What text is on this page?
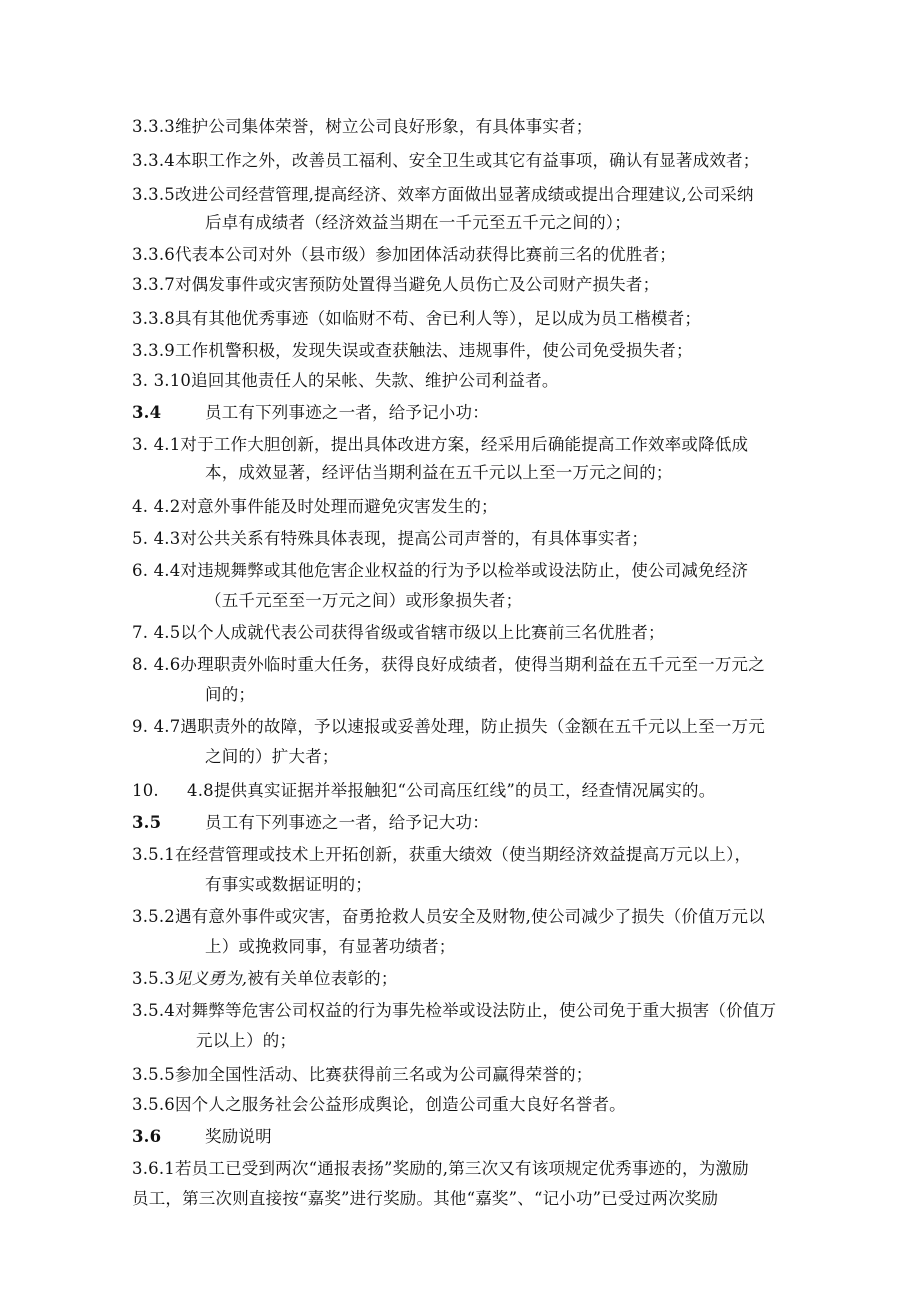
3.3.3维护公司集体荣誉，树立公司良好形象，有具体事实者；
3.3.4本职工作之外，改善员工福利、安全卫生或其它有益事项，确认有显著成效者；
3.3.5改进公司经营管理,提高经济、效率方面做出显著成绩或提出合理建议,公司采纳
后卓有成绩者（经济效益当期在一千元至五千元之间的）；
3.3.6代表本公司对外（县市级）参加团体活动获得比赛前三名的优胜者；
3.3.7对偶发事件或灾害预防处置得当避免人员伤亡及公司财产损失者；
3.3.8具有其他优秀事迹（如临财不苟、舍已利人等），足以成为员工楷模者；
3.3.9工作机警积极，发现失误或查获触法、违规事件，使公司免受损失者；
3. 3.10追回其他责任人的呆帐、失款、维护公司利益者。
3.4	员工有下列事迹之一者，给予记小功：
3. 4.1对于工作大胆创新，提出具体改进方案，经采用后确能提高工作效率或降低成
本，成效显著，经评估当期利益在五千元以上至一万元之间的；
4. 4.2对意外事件能及时处理而避免灾害发生的；
5. 4.3对公共关系有特殊具体表现，提高公司声誉的，有具体事实者；
6. 4.4对违规舞弊或其他危害企业权益的行为予以检举或设法防止，使公司减免经济
（五千元至至一万元之间）或形象损失者；
7. 4.5以个人成就代表公司获得省级或省辖市级以上比赛前三名优胜者；
8. 4.6办理职责外临时重大任务，获得良好成绩者，使得当期利益在五千元至一万元之
间的；
9. 4.7遇职责外的故障，予以速报或妥善处理，防止损失（金额在五千元以上至一万元
之间的）扩大者；
10. 4.8提供真实证据并举报触犯“公司高压红线”的员工，经查情况属实的。
3.5	员工有下列事迹之一者，给予记大功：
3.5.1在经营管理或技术上开拓创新，获重大绩效（使当期经济效益提高万元以上），
有事实或数据证明的；
3.5.2遇有意外事件或灾害，奋勇抢救人员安全及财物,使公司减少了损失（价值万元以
上）或挽救同事，有显著功绩者；
3.5.3见义勇为,被有关单位表彰的；
3.5.4对舞弊等危害公司权益的行为事先检举或设法防止，使公司免于重大损害（价值万
元以上）的；
3.5.5参加全国性活动、比赛获得前三名或为公司赢得荣誉的；
3.5.6因个人之服务社会公益形成舆论，创造公司重大良好名誉者。
3.6	奖励说明
3.6.1若员工已受到两次“通报表扬”奖励的,第三次又有该项规定优秀事迹的，为激励
员工，第三次则直接按“嘉奖”进行奖励。其他“嘉奖”、“记小功”已受过两次奖励
